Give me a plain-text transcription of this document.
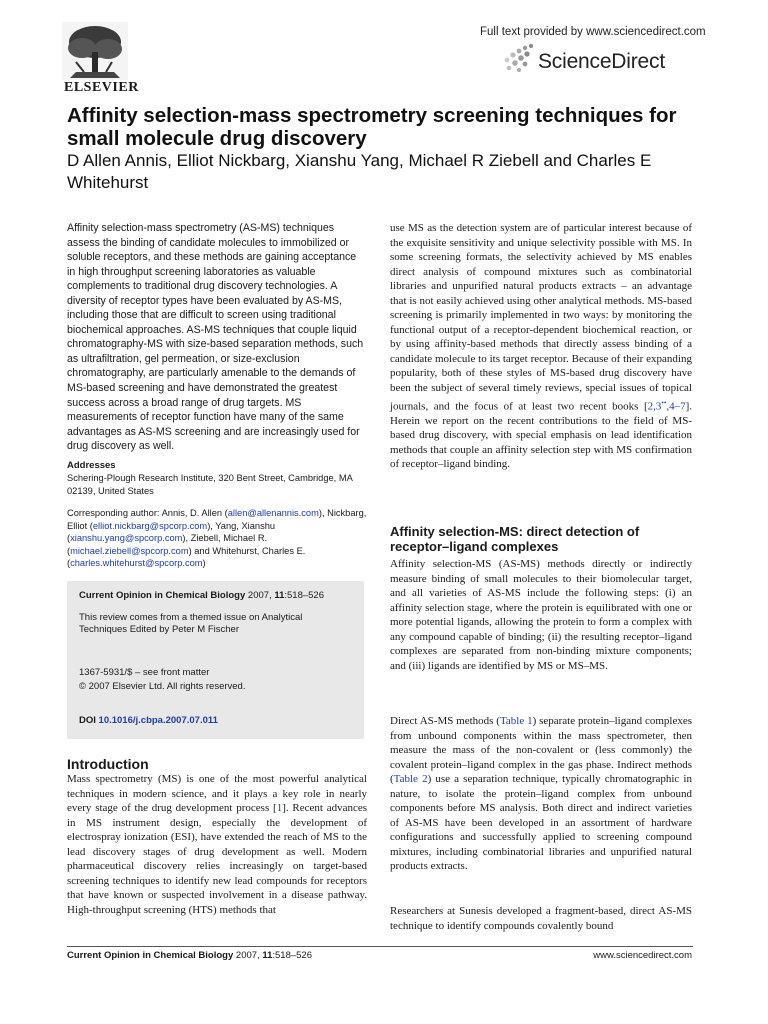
ELSEVIER
Full text provided by www.sciencedirect.com
ScienceDirect
Affinity selection-mass spectrometry screening techniques for small molecule drug discovery

D Allen Annis, Elliot Nickbarg, Xianshu Yang, Michael R Ziebell and Charles E Whitehurst

Affinity selection-mass spectrometry (AS-MS) techniques assess the binding of candidate molecules to immobilized or soluble receptors, and these methods are gaining acceptance in high throughput screening laboratories as valuable complements to traditional drug discovery technologies. A diversity of receptor types have been evaluated by AS-MS, including those that are difficult to screen using traditional biochemical approaches. AS-MS techniques that couple liquid chromatography-MS with size-based separation methods, such as ultrafiltration, gel permeation, or size-exclusion chromatography, are particularly amenable to the demands of MS-based screening and have demonstrated the greatest success across a broad range of drug targets. MS measurements of receptor function have many of the same advantages as AS-MS screening and are increasingly used for drug discovery as well.

Addresses

Schering-Plough Research Institute, 320 Bent Street, Cambridge, MA 02139, United States

Corresponding author: Annis, D. Allen (allen@allenannis.com), Nickbarg, Elliot (elliot.nickbarg@spcorp.com), Yang, Xianshu (xianshu.yang@spcorp.com), Ziebell, Michael R. (michael.ziebell@spcorp.com) and Whitehurst, Charles E. (charles.whitehurst@spcorp.com)

Current Opinion in Chemical Biology 2007, 11:518–526

This review comes from a themed issue on Analytical Techniques Edited by Peter M Fischer

1367-5931/$ – see front matter
© 2007 Elsevier Ltd. All rights reserved.
DOI 10.1016/j.cbpa.2007.07.011
Introduction

Mass spectrometry (MS) is one of the most powerful analytical techniques in modern science, and it plays a key role in nearly every stage of the drug development process [1]. Recent advances in MS instrument design, especially the development of electrospray ionization (ESI), have extended the reach of MS to the lead discovery stages of drug development as well. Modern pharmaceutical discovery relies increasingly on target-based screening techniques to identify new lead compounds for receptors that have known or suspected involvement in a disease pathway. High-throughput screening (HTS) methods that

use MS as the detection system are of particular interest because of the exquisite sensitivity and unique selectivity possible with MS. In some screening formats, the selectivity achieved by MS enables direct analysis of compound mixtures such as combinatorial libraries and unpurified natural products extracts – an advantage that is not easily achieved using other analytical methods. MS-based screening is primarily implemented in two ways: by monitoring the functional output of a receptor-dependent biochemical reaction, or by using affinity-based methods that directly assess binding of a candidate molecule to its target receptor. Because of their expanding popularity, both of these styles of MS-based drug discovery have been the subject of several timely reviews, special issues of topical journals, and the focus of at least two recent books [2,3••,4–7]. Herein we report on the recent contributions to the field of MS-based drug discovery, with special emphasis on lead identification methods that couple an affinity selection step with MS confirmation of receptor–ligand binding.

Affinity selection-MS: direct detection of receptor–ligand complexes

Affinity selection-MS (AS-MS) methods directly or indirectly measure binding of small molecules to their biomolecular target, and all varieties of AS-MS include the following steps: (i) an affinity selection stage, where the protein is equilibrated with one or more potential ligands, allowing the protein to form a complex with any compound capable of binding; (ii) the resulting receptor–ligand complexes are separated from non-binding mixture components; and (iii) ligands are identified by MS or MS–MS.

Direct AS-MS methods (Table 1) separate protein–ligand complexes from unbound components within the mass spectrometer, then measure the mass of the non-covalent or (less commonly) the covalent protein–ligand complex in the gas phase. Indirect methods (Table 2) use a separation technique, typically chromatographic in nature, to isolate the protein–ligand complex from unbound components before MS analysis. Both direct and indirect varieties of AS-MS have been developed in an assortment of hardware configurations and successfully applied to screening compound mixtures, including combinatorial libraries and unpurified natural products extracts.

Researchers at Sunesis developed a fragment-based, direct AS-MS technique to identify compounds covalently bound

Current Opinion in Chemical Biology 2007, 11:518–526	www.sciencedirect.com
